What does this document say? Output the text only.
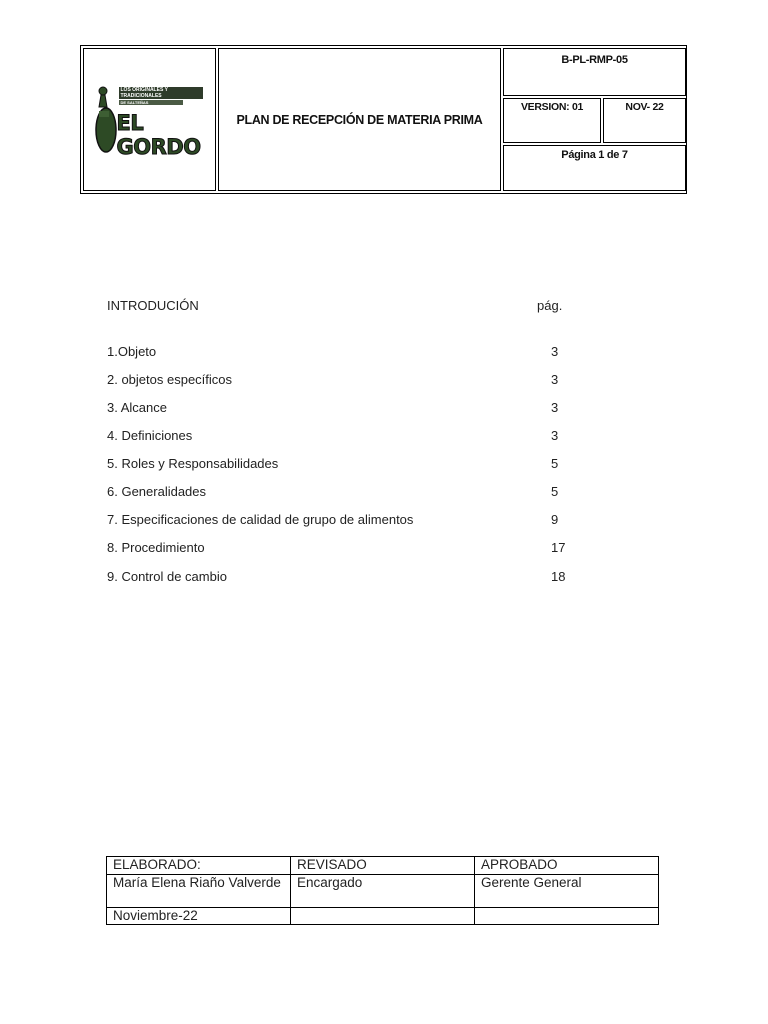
LOS ORIGINALES Y TRADICIONALES
DE SALTEÑAS
EL GORDO
PLAN DE RECEPCIÓN DE MATERIA PRIMA
B-PL-RMP-05
VERSION: 01	NOV- 22
Página 1 de 7
INTRODUCIÓN	pág.
1.Objeto	3
2. objetos específicos	3
3. Alcance	3
4. Definiciones	3
5. Roles y Responsabilidades	5
6. Generalidades	5
7. Especificaciones de calidad de grupo de alimentos	9
8. Procedimiento	17
9. Control de cambio	18
ELABORADO:	REVISADO	APROBADO
María Elena Riaño Valverde	Encargado	Gerente General
Noviembre-22		
